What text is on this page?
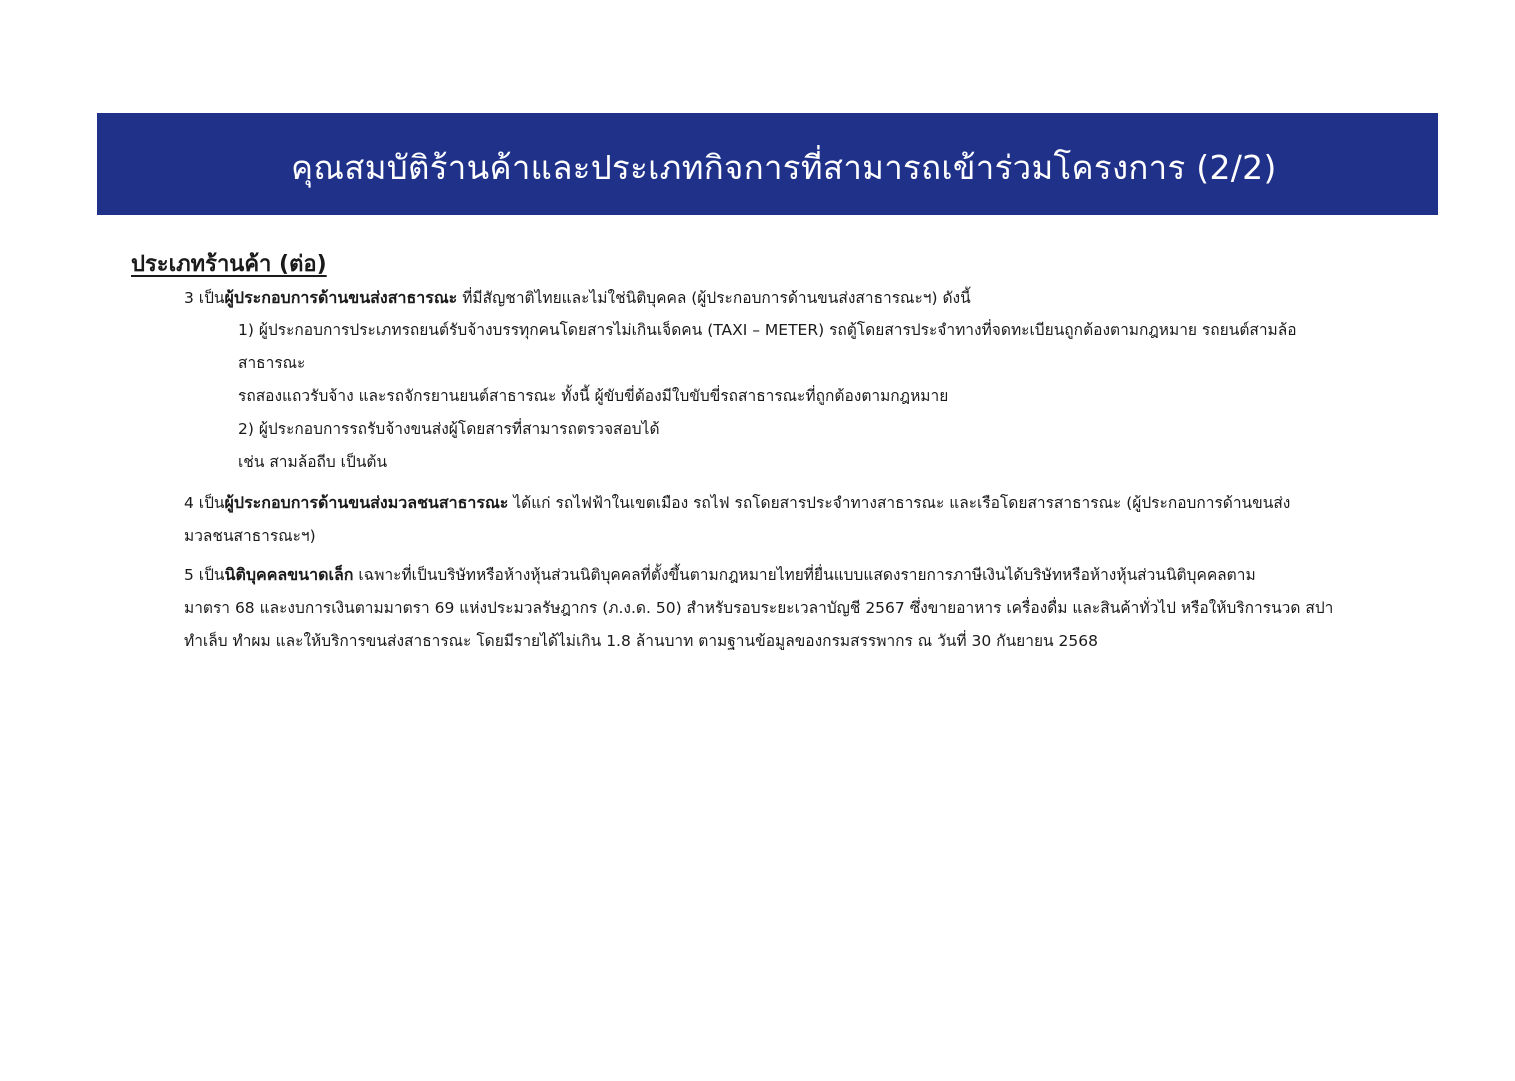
คุณสมบัติร้านค้าและประเภทกิจการที่สามารถเข้าร่วมโครงการ (2/2)
ประเภทร้านค้า (ต่อ)
3 เป็นผู้ประกอบการด้านขนส่งสาธารณะ ที่มีสัญชาติไทยและไม่ใช่นิติบุคคล (ผู้ประกอบการด้านขนส่งสาธารณะฯ) ดังนี้
1) ผู้ประกอบการประเภทรถยนต์รับจ้างบรรทุกคนโดยสารไม่เกินเจ็ดคน (TAXI – METER) รถตู้โดยสารประจำทางที่จดทะเบียนถูกต้องตามกฎหมาย รถยนต์สามล้อ
สาธารณะ
รถสองแถวรับจ้าง และรถจักรยานยนต์สาธารณะ ทั้งนี้ ผู้ขับขี่ต้องมีใบขับขี่รถสาธารณะที่ถูกต้องตามกฎหมาย
2) ผู้ประกอบการรถรับจ้างขนส่งผู้โดยสารที่สามารถตรวจสอบได้
เช่น สามล้อถีบ เป็นต้น
4 เป็นผู้ประกอบการด้านขนส่งมวลชนสาธารณะ ได้แก่ รถไฟฟ้าในเขตเมือง รถไฟ รถโดยสารประจำทางสาธารณะ และเรือโดยสารสาธารณะ (ผู้ประกอบการด้านขนส่ง
มวลชนสาธารณะฯ)
5 เป็นนิติบุคคลขนาดเล็ก เฉพาะที่เป็นบริษัทหรือห้างหุ้นส่วนนิติบุคคลที่ตั้งขึ้นตามกฎหมายไทยที่ยื่นแบบแสดงรายการภาษีเงินได้บริษัทหรือห้างหุ้นส่วนนิติบุคคลตาม
มาตรา 68 และงบการเงินตามมาตรา 69 แห่งประมวลรัษฎากร (ภ.ง.ด. 50) สำหรับรอบระยะเวลาบัญชี 2567 ซึ่งขายอาหาร เครื่องดื่ม และสินค้าทั่วไป หรือให้บริการนวด สปา
ทำเล็บ ทำผม และให้บริการขนส่งสาธารณะ โดยมีรายได้ไม่เกิน 1.8 ล้านบาท ตามฐานข้อมูลของกรมสรรพากร ณ วันที่ 30 กันยายน 2568
